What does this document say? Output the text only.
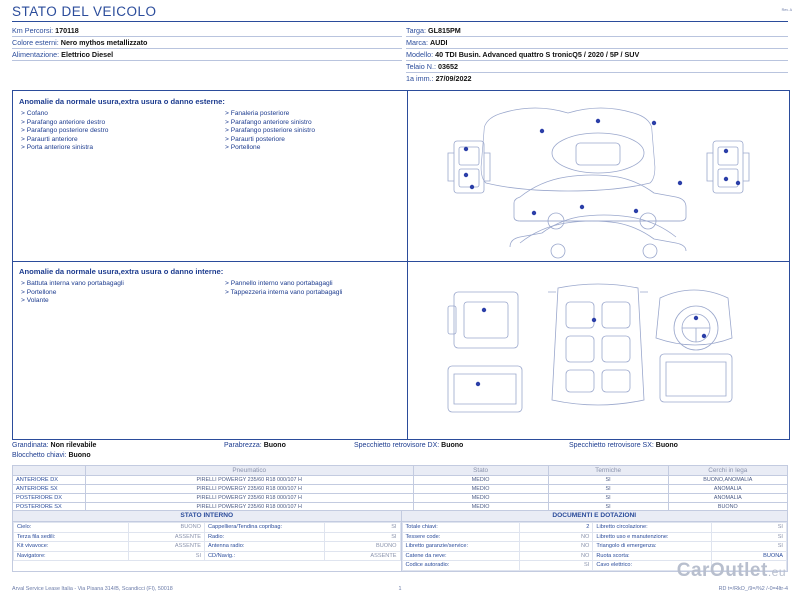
STATO DEL VEICOLO	Rev. A
Km Percorsi: 170118
Colore esterni: Nero mythos metallizzato
Alimentazione: Elettrico Diesel
Targa: GL815PM
Marca: AUDI
Modello: 40 TDI Busin. Advanced quattro S tronicQ5 / 2020 / 5P / SUV
Telaio N.: 03652
1a imm.: 27/09/2022
Anomalie da normale usura,extra usura o danno esterne:
> Cofano
> Parafango anteriore destro
> Parafango posteriore destro
> Paraurti anteriore
> Porta anteriore sinistra
> Fanaleria posteriore
> Parafango anteriore sinistro
> Parafango posteriore sinistro
> Paraurti posteriore
> Portellone
Anomalie da normale usura,extra usura o danno interne:
> Battuta interna vano portabagagli
> Portellone
> Volante
> Pannello interno vano portabagagli
> Tappezzeria interna vano portabagagli
Grandinata: Non rilevabile	Parabrezza: Buono	Specchietto retrovisore DX: Buono	Specchietto retrovisore SX: Buono
Blocchetto chiavi: Buono
	Pneumatico	Stato	Termiche	Cerchi in lega
ANTERIORE DX	PIRELLI POWERGY 235/60 R18 000/107 H	MEDIO	SI	BUONO,ANOMALIA
ANTERIORE SX	PIRELLI POWERGY 235/60 R18 000/107 H	MEDIO	SI	ANOMALIA
POSTERIORE DX	PIRELLI POWERGY 235/60 R18 000/107 H	MEDIO	SI	ANOMALIA
POSTERIORE SX	PIRELLI POWERGY 235/60 R18 000/107 H	MEDIO	SI	BUONO
STATO INTERNO
Cielo:	BUONO	Cappelliera/Tendina copribag:	SI
Terza fila sedili:	ASSENTE	Radio:	SI
Kit vivavoce:	ASSENTE	Antenna radio:	BUONO
Navigatore:	SI	CD/Navig.:	ASSENTE
DOCUMENTI E DOTAZIONI
Totale chiavi:	2	Libretto circolazione:	SI
Tessere code:	NO	Libretto uso e manutenzione:	SI
Libretto garanzie/service:	NO	Triangolo di emergenza:	SI
Catene da neve:	NO	Ruota scorta:	BUONA
Codice autoradio:	SI	Cavo elettrico:	
Arval Service Lease Italia - Via Pisana 314/B, Scandicci (FI), 50018	1	RD t=/RkO_/9=/%2 /-0=4ltr-4
CarOutlet.eu
